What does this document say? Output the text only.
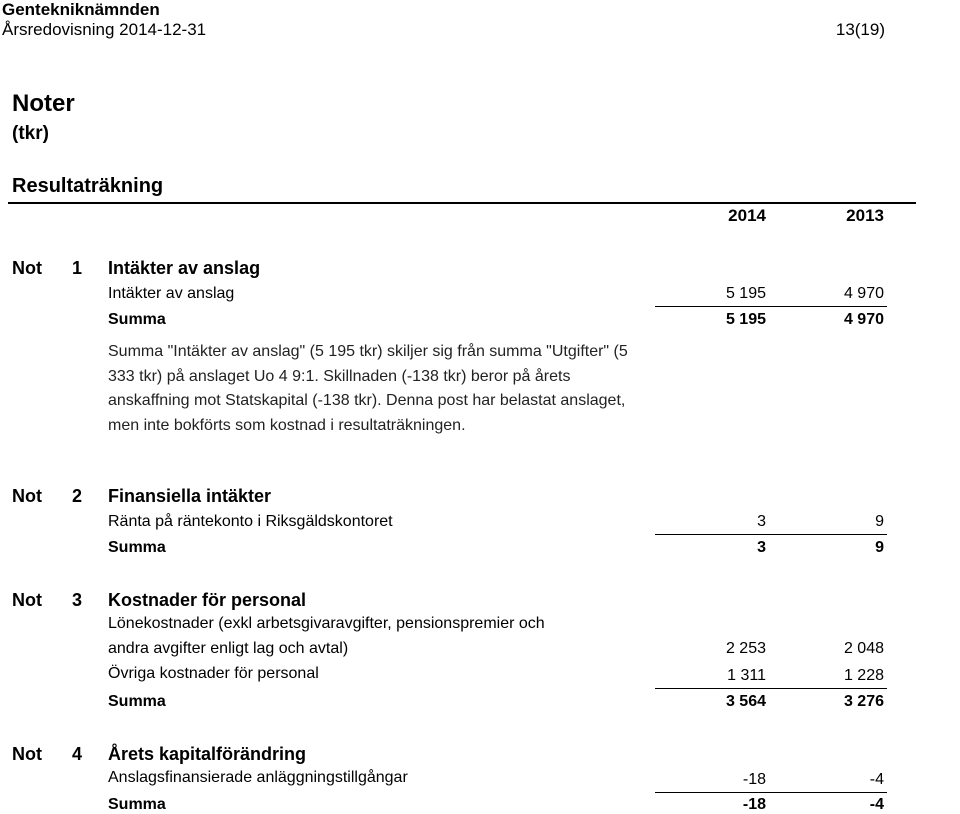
Gentekniknämnden
Årsredovisning 2014-12-31	13(19)
Noter
(tkr)
Resultaträkning
2014	2013
Not 1 Intäkter av anslag
Intäkter av anslag	5 195	4 970
Summa	5 195	4 970
Summa "Intäkter av anslag" (5 195 tkr) skiljer sig från summa "Utgifter" (5 333 tkr) på anslaget Uo 4 9:1. Skillnaden (-138 tkr) beror på årets anskaffning mot Statskapital (-138 tkr). Denna post har belastat anslaget, men inte bokförts som kostnad i resultaträkningen.
Not 2 Finansiella intäkter
Ränta på räntekonto i Riksgäldskontoret	3	9
Summa	3	9
Not 3 Kostnader för personal
Lönekostnader (exkl arbetsgivaravgifter, pensionspremier och
andra avgifter enligt lag och avtal)	2 253	2 048
Övriga kostnader för personal	1 311	1 228
Summa	3 564	3 276
Not 4 Årets kapitalförändring
Anslagsfinansierade anläggningstillgångar	-18	-4
Summa	-18	-4
